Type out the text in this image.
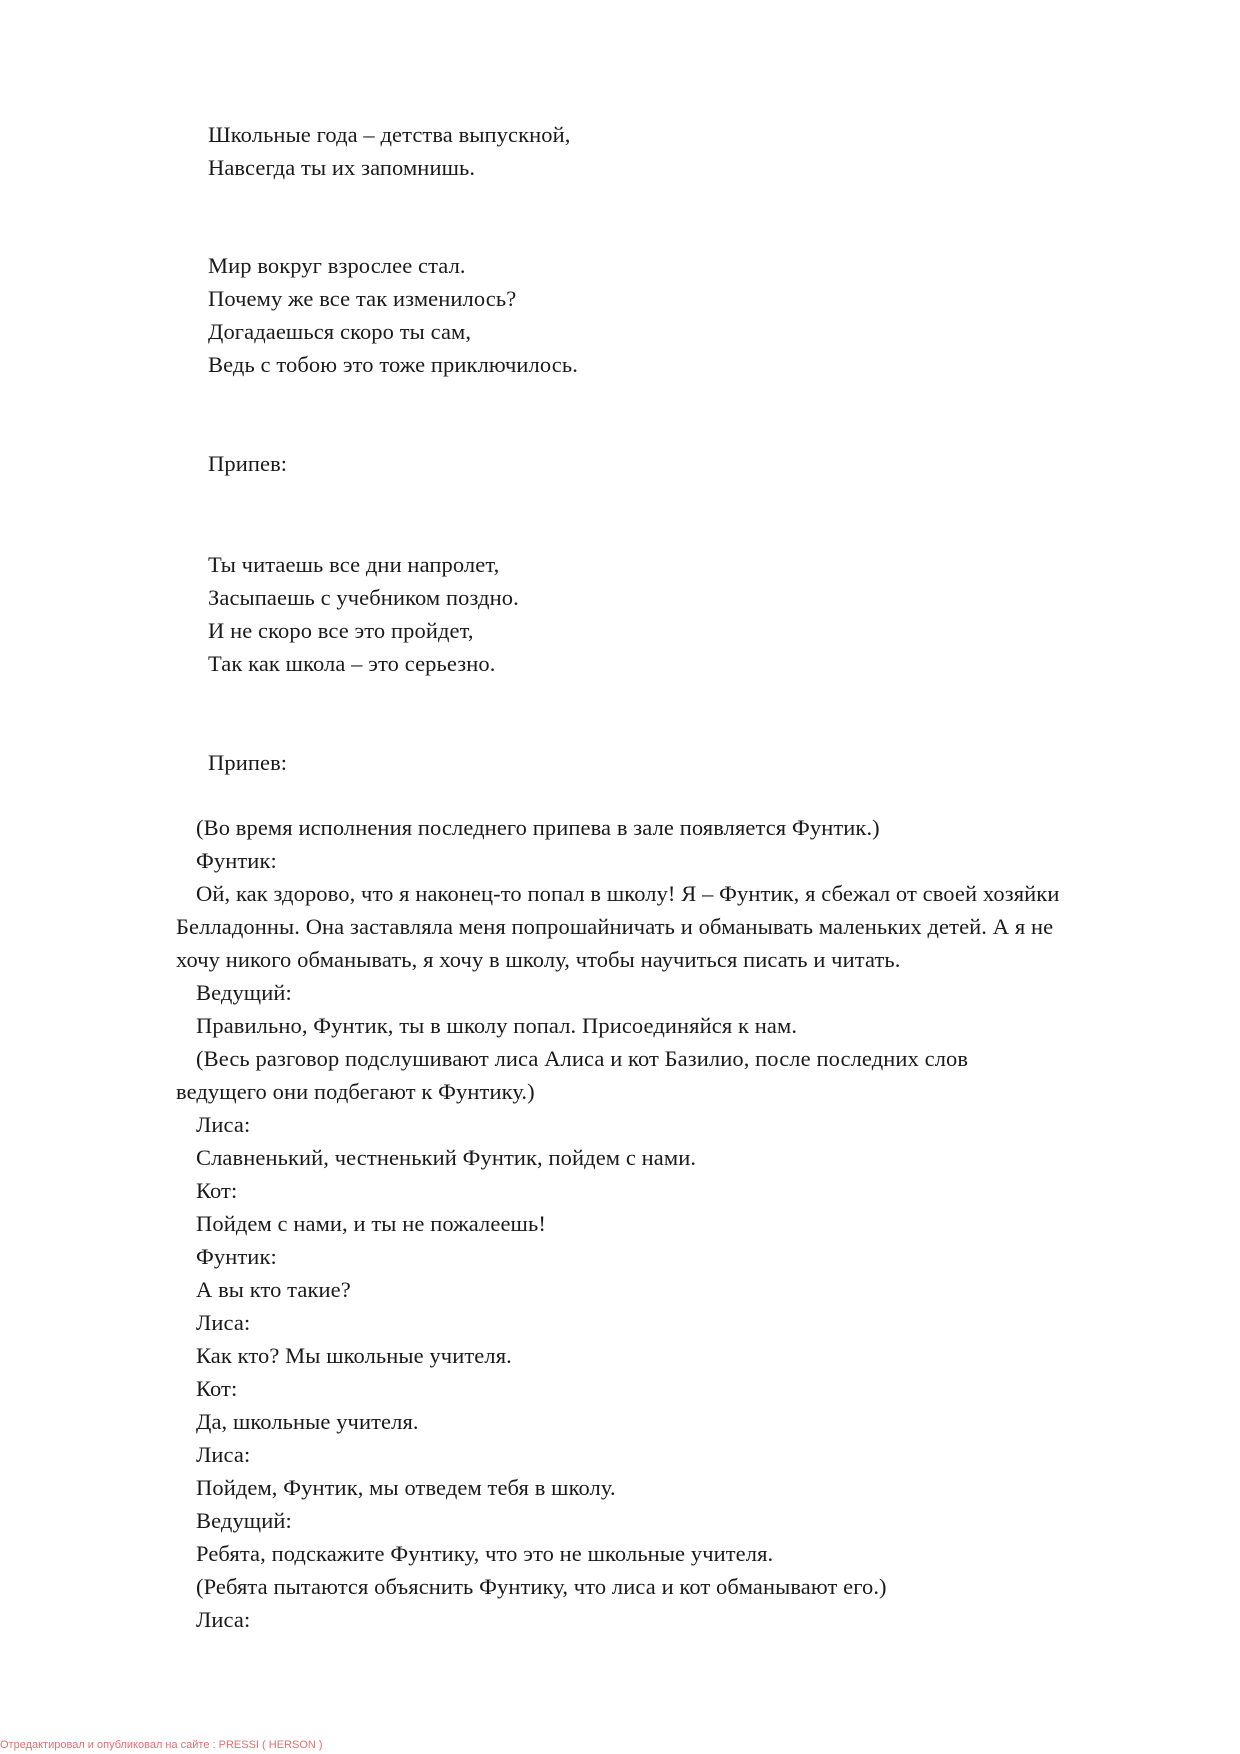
Школьные года – детства выпускной,
Навсегда ты их запомнишь.
Мир вокруг взрослее стал.
Почему же все так изменилось?
Догадаешься скоро ты сам,
Ведь с тобою это тоже приключилось.
Припев:
Ты читаешь все дни напролет,
Засыпаешь с учебником поздно.
И не скоро все это пройдет,
Так как школа – это серьезно.
Припев:
(Во время исполнения последнего припева в зале появляется Фунтик.)
Фунтик:
Ой, как здорово, что я наконец-то попал в школу! Я – Фунтик, я сбежал от своей хозяйки
Белладонны. Она заставляла меня попрошайничать и обманывать маленьких детей. А я не
хочу никого обманывать, я хочу в школу, чтобы научиться писать и читать.
Ведущий:
Правильно, Фунтик, ты в школу попал. Присоединяйся к нам.
(Весь разговор подслушивают лиса Алиса и кот Базилио, после последних слов
ведущего они подбегают к Фунтику.)
Лиса:
Славненький, честненький Фунтик, пойдем с нами.
Кот:
Пойдем с нами, и ты не пожалеешь!
Фунтик:
А вы кто такие?
Лиса:
Как кто? Мы школьные учителя.
Кот:
Да, школьные учителя.
Лиса:
Пойдем, Фунтик, мы отведем тебя в школу.
Ведущий:
Ребята, подскажите Фунтику, что это не школьные учителя.
(Ребята пытаются объяснить Фунтику, что лиса и кот обманывают его.)
Лиса:
Отредактировал и опубликовал на сайте : PRESSI ( HERSON )
